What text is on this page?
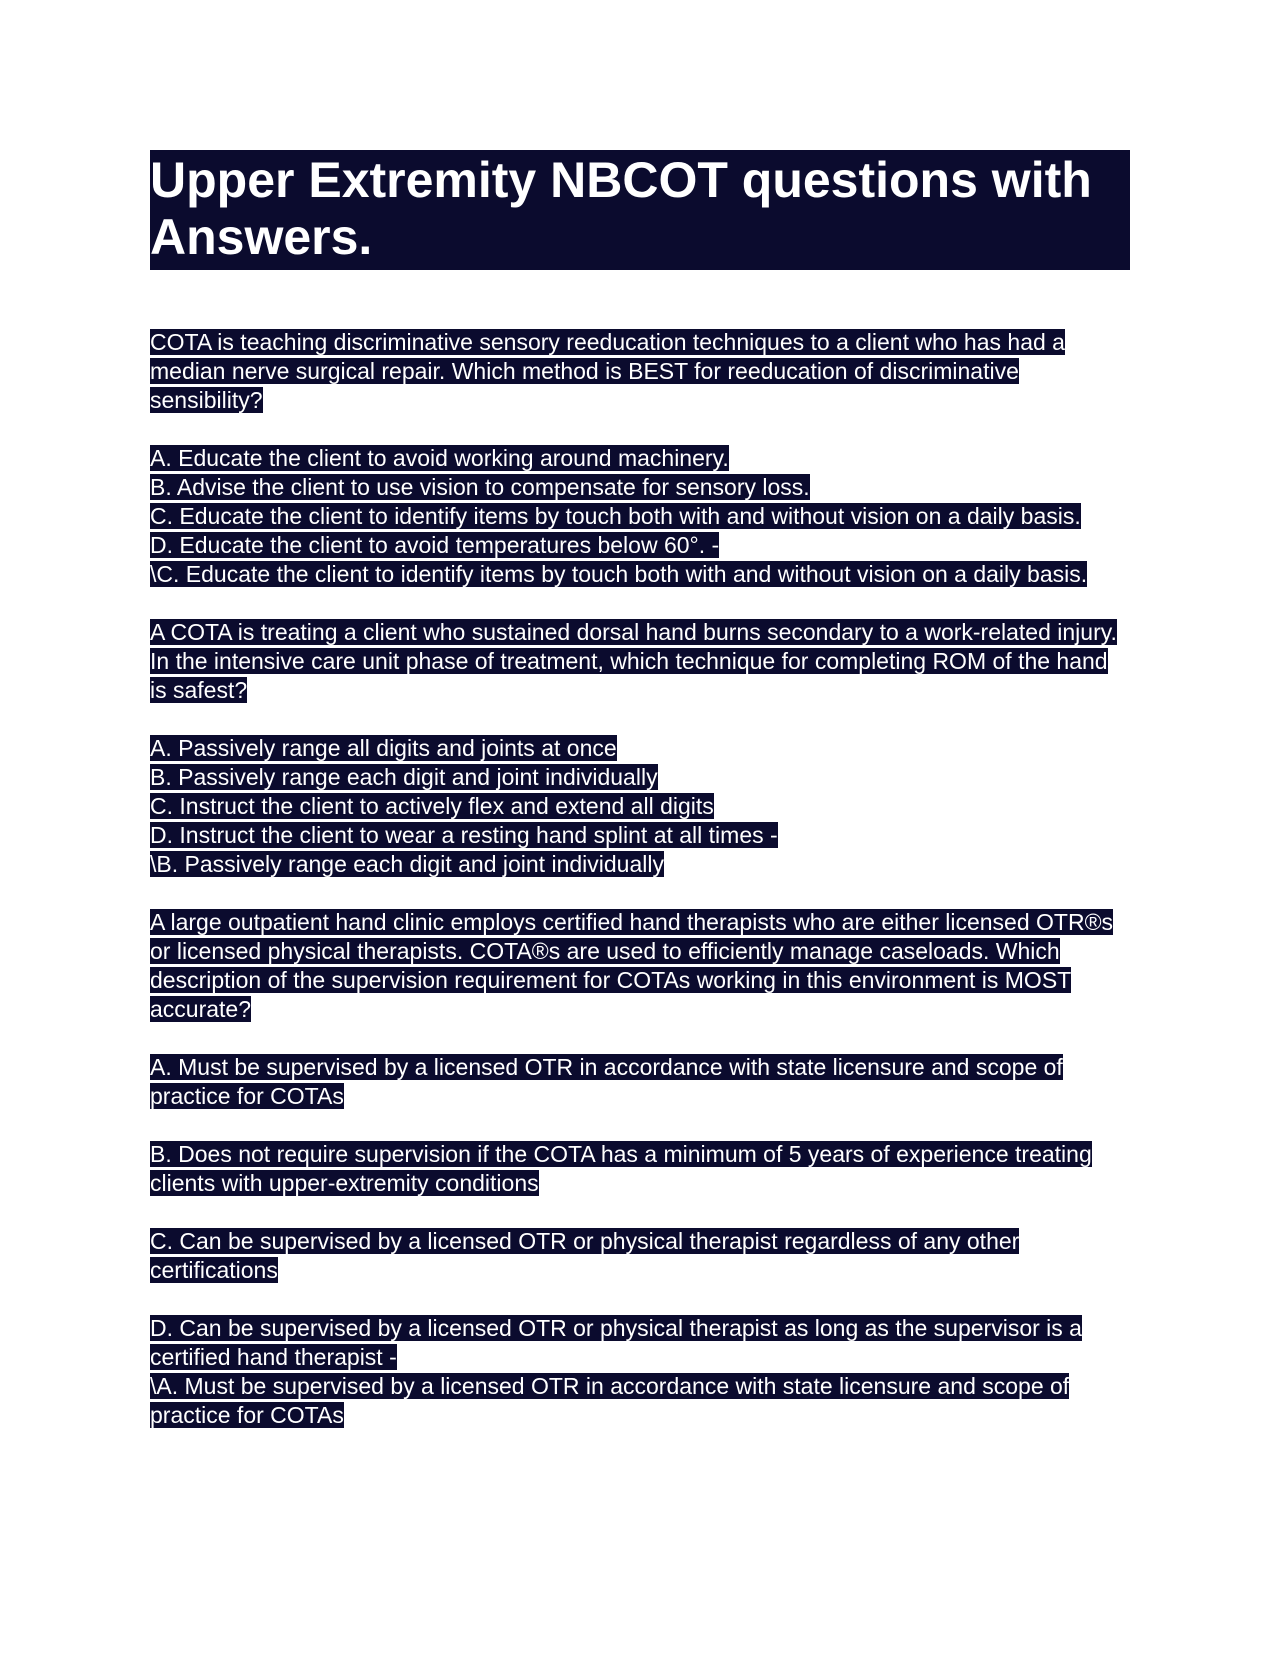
Upper Extremity NBCOT questions with Answers.

COTA is teaching discriminative sensory reeducation techniques to a client who has had a median nerve surgical repair. Which method is BEST for reeducation of discriminative sensibility?

A. Educate the client to avoid working around machinery.
B. Advise the client to use vision to compensate for sensory loss.
C. Educate the client to identify items by touch both with and without vision on a daily basis.
D. Educate the client to avoid temperatures below 60°. -
\C. Educate the client to identify items by touch both with and without vision on a daily basis.

A COTA is treating a client who sustained dorsal hand burns secondary to a work-related injury. In the intensive care unit phase of treatment, which technique for completing ROM of the hand is safest?

A. Passively range all digits and joints at once
B. Passively range each digit and joint individually
C. Instruct the client to actively flex and extend all digits
D. Instruct the client to wear a resting hand splint at all times -
\B. Passively range each digit and joint individually

A large outpatient hand clinic employs certified hand therapists who are either licensed OTR®s or licensed physical therapists. COTA®s are used to efficiently manage caseloads. Which description of the supervision requirement for COTAs working in this environment is MOST accurate?

A. Must be supervised by a licensed OTR in accordance with state licensure and scope of practice for COTAs

B. Does not require supervision if the COTA has a minimum of 5 years of experience treating clients with upper-extremity conditions

C. Can be supervised by a licensed OTR or physical therapist regardless of any other certifications

D. Can be supervised by a licensed OTR or physical therapist as long as the supervisor is a certified hand therapist -
\A. Must be supervised by a licensed OTR in accordance with state licensure and scope of practice for COTAs
